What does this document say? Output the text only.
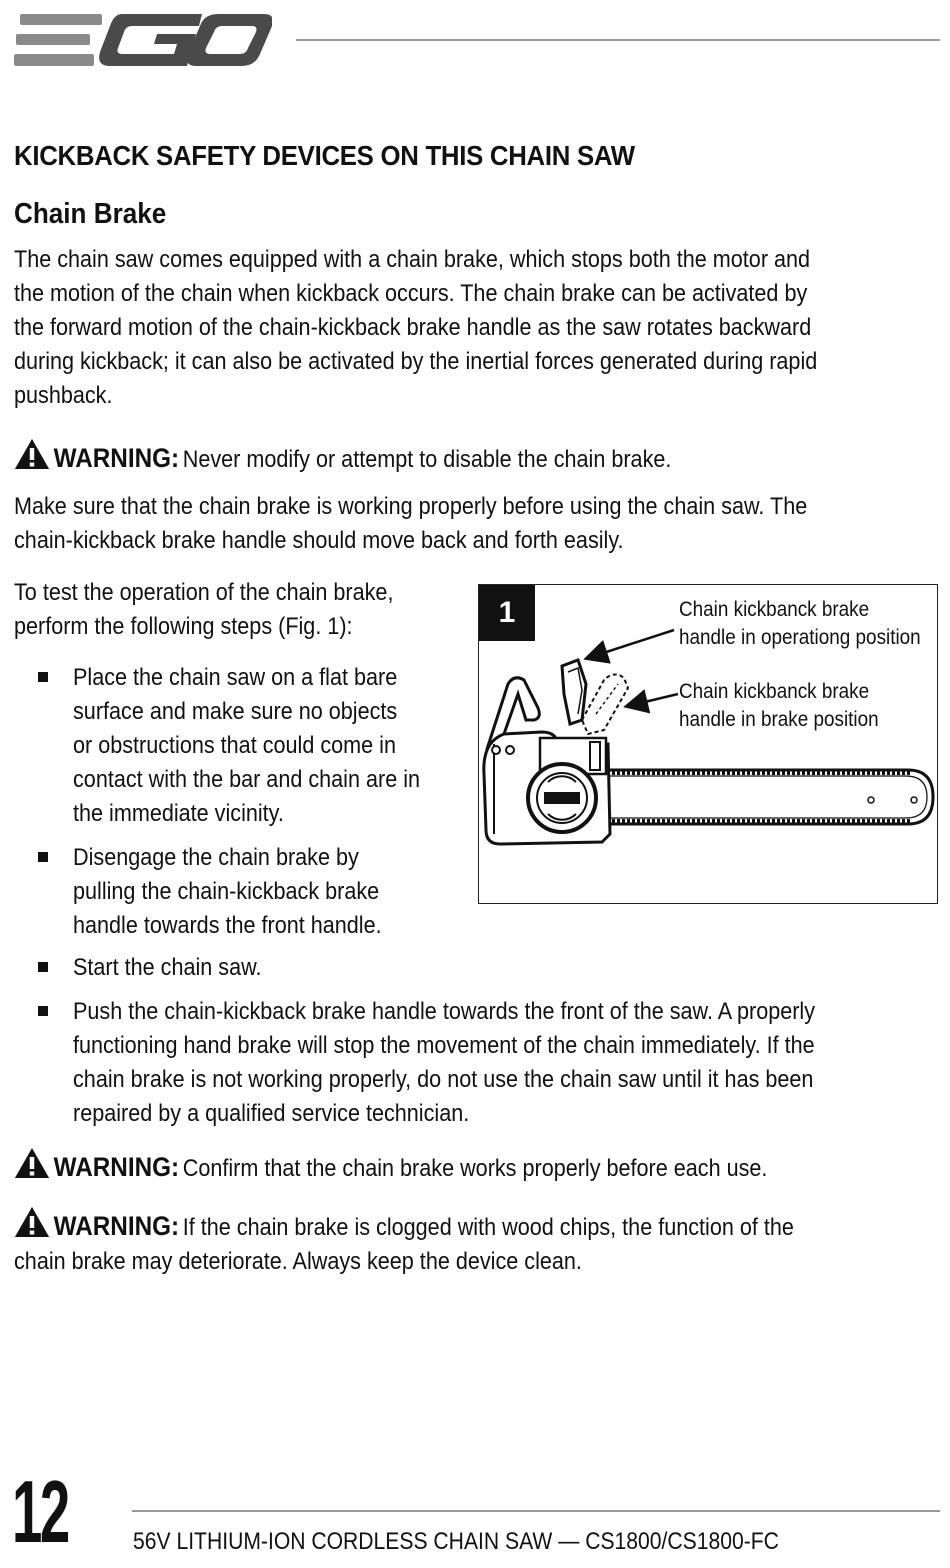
KICKBACK SAFETY DEVICES ON THIS CHAIN SAW
Chain Brake
The chain saw comes equipped with a chain brake, which stops both the motor and
the motion of the chain when kickback occurs. The chain brake can be activated by
the forward motion of the chain-kickback brake handle as the saw rotates backward
during kickback; it can also be activated by the inertial forces generated during rapid
pushback.
WARNING: Never modify or attempt to disable the chain brake.
Make sure that the chain brake is working properly before using the chain saw. The
chain-kickback brake handle should move back and forth easily.
To test the operation of the chain brake,
perform the following steps (Fig. 1):
Place the chain saw on a flat bare
surface and make sure no objects
or obstructions that could come in
contact with the bar and chain are in
the immediate vicinity.
Disengage the chain brake by
pulling the chain-kickback brake
handle towards the front handle.
Start the chain saw.
Push the chain-kickback brake handle towards the front of the saw. A properly
functioning hand brake will stop the movement of the chain immediately. If the
chain brake is not working properly, do not use the chain saw until it has been
repaired by a qualified service technician.
1	Chain kickbanck brake
handle in operationg position
Chain kickbanck brake
handle in brake position
WARNING: Confirm that the chain brake works properly before each use.
WARNING: If the chain brake is clogged with wood chips, the function of the
chain brake may deteriorate. Always keep the device clean.
12	56V LITHIUM-ION CORDLESS CHAIN SAW — CS1800/CS1800-FC
